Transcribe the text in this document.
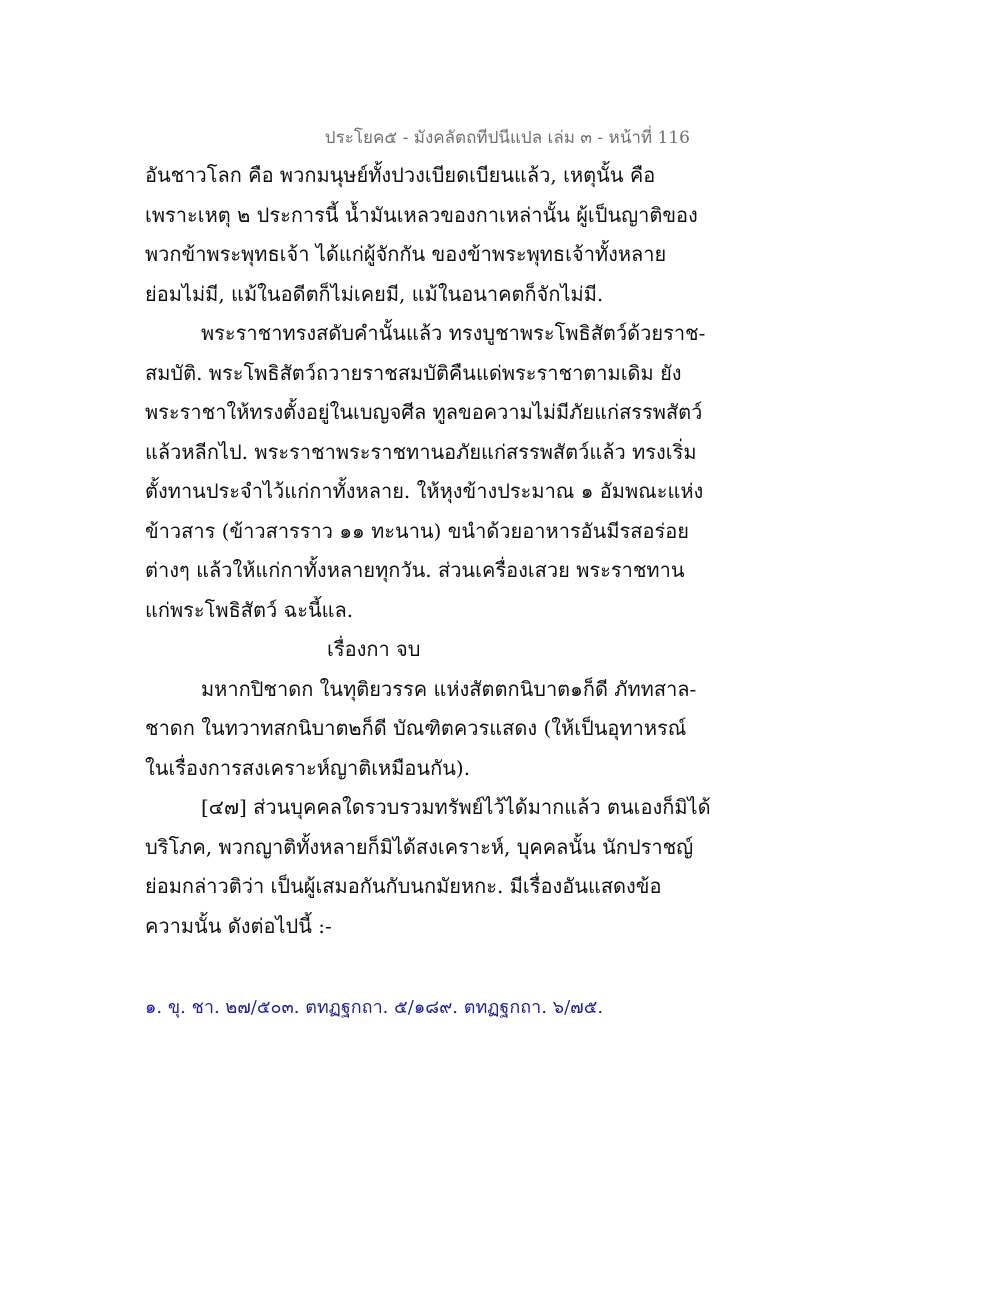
ประโยค๕ - มังคลัตถทีปนีแปล เล่ม ๓ - หน้าที่ 116
อันชาวโลก คือ พวกมนุษย์ทั้งปวงเบียดเบียนแล้ว, เหตุนั้น คือ
เพราะเหตุ ๒ ประการนี้ น้ำมันเหลวของกาเหล่านั้น ผู้เป็นญาติของ
พวกข้าพระพุทธเจ้า ได้แก่ผู้จักกัน ของข้าพระพุทธเจ้าทั้งหลาย
ย่อมไม่มี, แม้ในอดีตก็ไม่เคยมี, แม้ในอนาคตก็จักไม่มี.
พระราชาทรงสดับคำนั้นแล้ว ทรงบูชาพระโพธิสัตว์ด้วยราช-
สมบัติ. พระโพธิสัตว์ถวายราชสมบัติคืนแด่พระราชาตามเดิม ยัง
พระราชาให้ทรงตั้งอยู่ในเบญจศีล ทูลขอความไม่มีภัยแก่สรรพสัตว์
แล้วหลีกไป. พระราชาพระราชทานอภัยแก่สรรพสัตว์แล้ว ทรงเริ่ม
ตั้งทานประจำไว้แก่กาทั้งหลาย. ให้หุงข้างประมาณ ๑ อัมพณะแห่ง
ข้าวสาร (ข้าวสารราว ๑๑ ทะนาน) ขนำด้วยอาหารอันมีรสอร่อย
ต่างๆ แล้วให้แก่กาทั้งหลายทุกวัน. ส่วนเครื่องเสวย พระราชทาน
แก่พระโพธิสัตว์ ฉะนี้แล.
เรื่องกา จบ
มหากปิชาดก ในทุติยวรรค แห่งสัตตกนิบาต๑ก็ดี ภัททสาล-
ชาดก ในทวาทสกนิบาต๒ก็ดี บัณฑิตควรแสดง (ให้เป็นอุทาหรณ์
ในเรื่องการสงเคราะห์ญาติเหมือนกัน).
[๔๗] ส่วนบุคคลใดรวบรวมทรัพย์ไว้ได้มากแล้ว ตนเองก็มิได้
บริโภค, พวกญาติทั้งหลายก็มิได้สงเคราะห์, บุคคลนั้น นักปราชญ์
ย่อมกล่าวติว่า เป็นผู้เสมอกันกับนกมัยหกะ. มีเรื่องอันแสดงข้อ
ความนั้น ดังต่อไปนี้ :-
๑. ขุ. ชา. ๒๗/๕๐๓. ตทฏฐกถา. ๕/๑๘๙. ตทฏฐกถา. ๖/๗๕.
